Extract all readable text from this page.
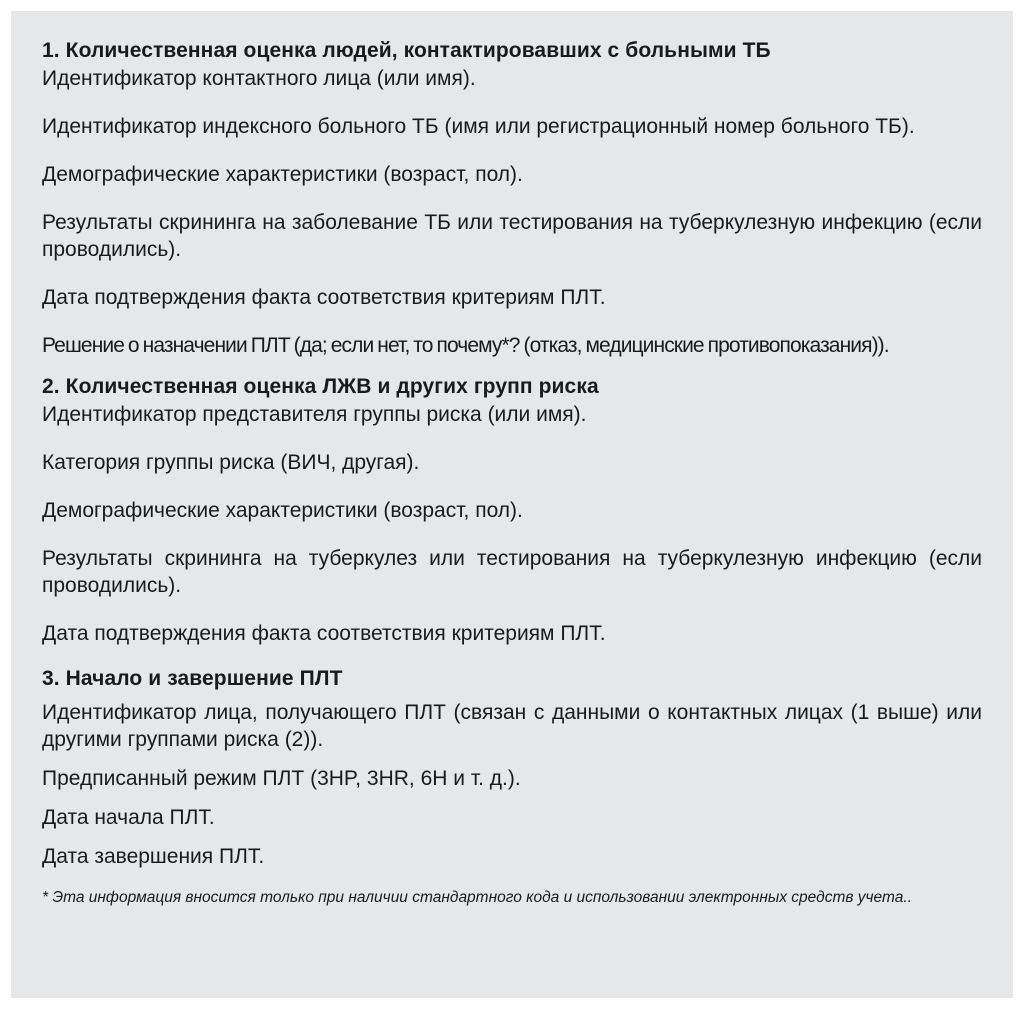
1. Количественная оценка людей, контактировавших с больными ТБ

Идентификатор контактного лица (или имя).

Идентификатор индексного больного ТБ (имя или регистрационный номер больного ТБ).

Демографические характеристики (возраст, пол).

Результаты скрининга на заболевание ТБ или тестирования на туберкулезную инфекцию (если проводились).

Дата подтверждения факта соответствия критериям ПЛТ.

Решение о назначении ПЛТ (да; если нет, то почему*? (отказ, медицинские противопоказания)).

2. Количественная оценка ЛЖВ и других групп риска

Идентификатор представителя группы риска (или имя).

Категория группы риска (ВИЧ, другая).

Демографические характеристики (возраст, пол).

Результаты скрининга на туберкулез или тестирования на туберкулезную инфекцию (если проводились).

Дата подтверждения факта соответствия критериям ПЛТ.

3. Начало и завершение ПЛТ

Идентификатор лица, получающего ПЛТ (связан с данными о контактных лицах (1 выше) или другими группами риска (2)).

Предписанный режим ПЛТ (3HP, 3HR, 6H и т. д.).

Дата начала ПЛТ.

Дата завершения ПЛТ.

* Эта информация вносится только при наличии стандартного кода и использовании электронных средств учета..
